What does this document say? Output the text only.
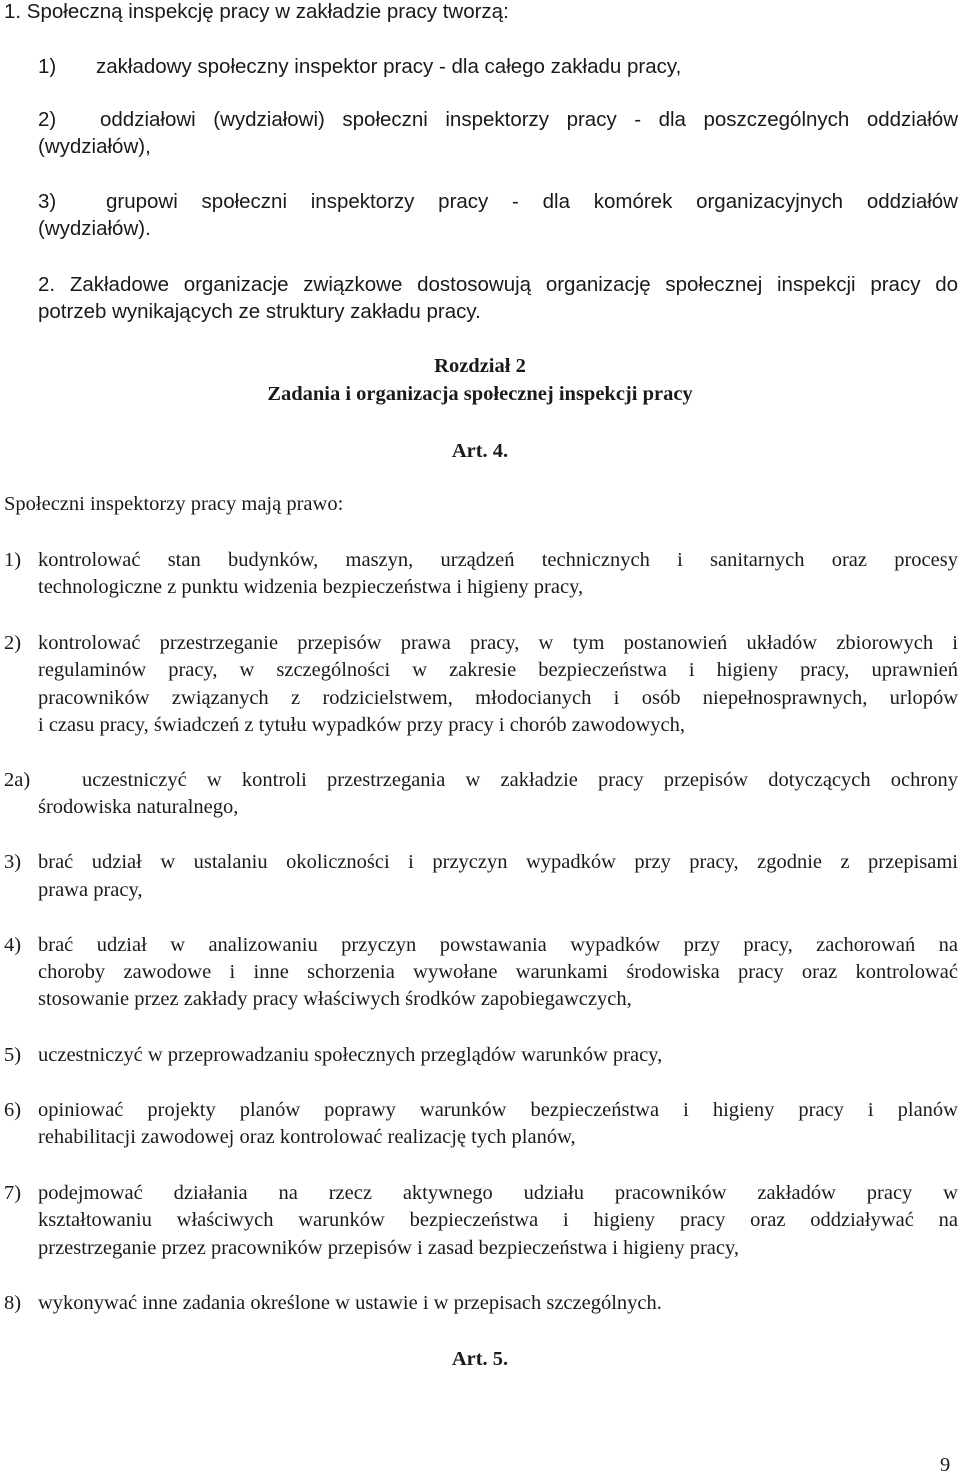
1. Społeczną inspekcję pracy w zakładzie pracy tworzą:
1) zakładowy społeczny inspektor pracy - dla całego zakładu pracy,
2) oddziałowi (wydziałowi) społeczni inspektorzy pracy - dla poszczególnych oddziałów
(wydziałów),
3) grupowi społeczni inspektorzy pracy - dla komórek organizacyjnych oddziałów
(wydziałów).
2. Zakładowe organizacje związkowe dostosowują organizację społecznej inspekcji pracy do
potrzeb wynikających ze struktury zakładu pracy.
Rozdział 2
Zadania i organizacja społecznej inspekcji pracy
Art. 4.
Społeczni inspektorzy pracy mają prawo:
1) kontrolować stan budynków, maszyn, urządzeń technicznych i sanitarnych oraz procesy
technologiczne z punktu widzenia bezpieczeństwa i higieny pracy,
2) kontrolować przestrzeganie przepisów prawa pracy, w tym postanowień układów zbiorowych i
regulaminów pracy, w szczególności w zakresie bezpieczeństwa i higieny pracy, uprawnień
pracowników związanych z rodzicielstwem, młodocianych i osób niepełnosprawnych, urlopów
i czasu pracy, świadczeń z tytułu wypadków przy pracy i chorób zawodowych,
2a)	uczestniczyć w kontroli przestrzegania w zakładzie pracy przepisów dotyczących ochrony
środowiska naturalnego,
3) brać udział w ustalaniu okoliczności i przyczyn wypadków przy pracy, zgodnie z przepisami
prawa pracy,
4) brać udział w analizowaniu przyczyn powstawania wypadków przy pracy, zachorowań na
choroby zawodowe i inne schorzenia wywołane warunkami środowiska pracy oraz kontrolować
stosowanie przez zakłady pracy właściwych środków zapobiegawczych,
5) uczestniczyć w przeprowadzaniu społecznych przeglądów warunków pracy,
6) opiniować projekty planów poprawy warunków bezpieczeństwa i higieny pracy i planów
rehabilitacji zawodowej oraz kontrolować realizację tych planów,
7) podejmować działania na rzecz aktywnego udziału pracowników zakładów pracy w
kształtowaniu właściwych warunków bezpieczeństwa i higieny pracy oraz oddziaływać na
przestrzeganie przez pracowników przepisów i zasad bezpieczeństwa i higieny pracy,
8) wykonywać inne zadania określone w ustawie i w przepisach szczególnych.
Art. 5.
9
